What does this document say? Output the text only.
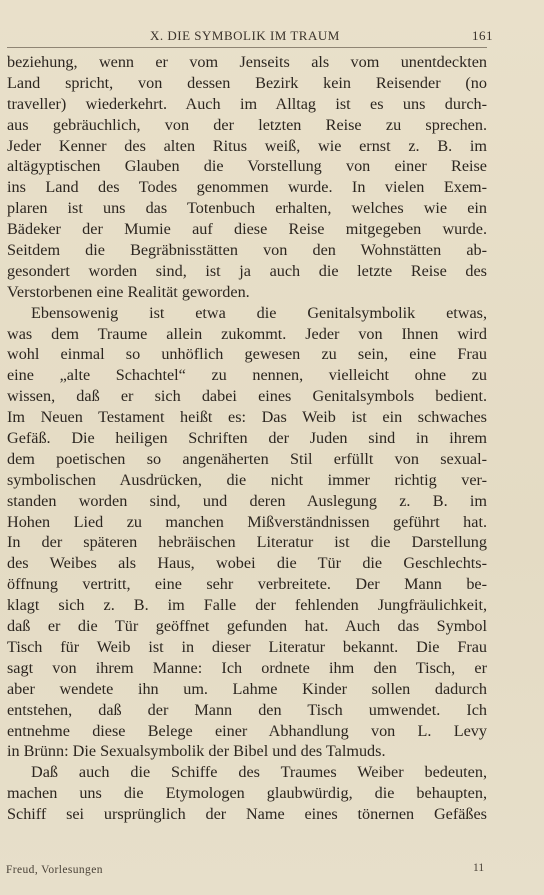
X. DIE SYMBOLIK IM TRAUM	161
beziehung, wenn er vom Jenseits als vom unentdeckten
Land spricht, von dessen Bezirk kein Reisender (no
traveller) wiederkehrt. Auch im Alltag ist es uns durch-
aus gebräuchlich, von der letzten Reise zu sprechen.
Jeder Kenner des alten Ritus weiß, wie ernst z. B. im
altägyptischen Glauben die Vorstellung von einer Reise
ins Land des Todes genommen wurde. In vielen Exem-
plaren ist uns das Totenbuch erhalten, welches wie ein
Bädeker der Mumie auf diese Reise mitgegeben wurde.
Seitdem die Begräbnisstätten von den Wohnstätten ab-
gesondert worden sind, ist ja auch die letzte Reise des
Verstorbenen eine Realität geworden.
Ebensowenig ist etwa die Genitalsymbolik etwas,
was dem Traume allein zukommt. Jeder von Ihnen wird
wohl einmal so unhöflich gewesen zu sein, eine Frau
eine „alte Schachtel“ zu nennen, vielleicht ohne zu
wissen, daß er sich dabei eines Genitalsymbols bedient.
Im Neuen Testament heißt es: Das Weib ist ein schwaches
Gefäß. Die heiligen Schriften der Juden sind in ihrem
dem poetischen so angenäherten Stil erfüllt von sexual-
symbolischen Ausdrücken, die nicht immer richtig ver-
standen worden sind, und deren Auslegung z. B. im
Hohen Lied zu manchen Mißverständnissen geführt hat.
In der späteren hebräischen Literatur ist die Darstellung
des Weibes als Haus, wobei die Tür die Geschlechts-
öffnung vertritt, eine sehr verbreitete. Der Mann be-
klagt sich z. B. im Falle der fehlenden Jungfräulichkeit,
daß er die Tür geöffnet gefunden hat. Auch das Symbol
Tisch für Weib ist in dieser Literatur bekannt. Die Frau
sagt von ihrem Manne: Ich ordnete ihm den Tisch, er
aber wendete ihn um. Lahme Kinder sollen dadurch
entstehen, daß der Mann den Tisch umwendet. Ich
entnehme diese Belege einer Abhandlung von L. Levy
in Brünn: Die Sexualsymbolik der Bibel und des Talmuds.
Daß auch die Schiffe des Traumes Weiber bedeuten,
machen uns die Etymologen glaubwürdig, die behaupten,
Schiff sei ursprünglich der Name eines tönernen Gefäßes
Freud, Vorlesungen	11
